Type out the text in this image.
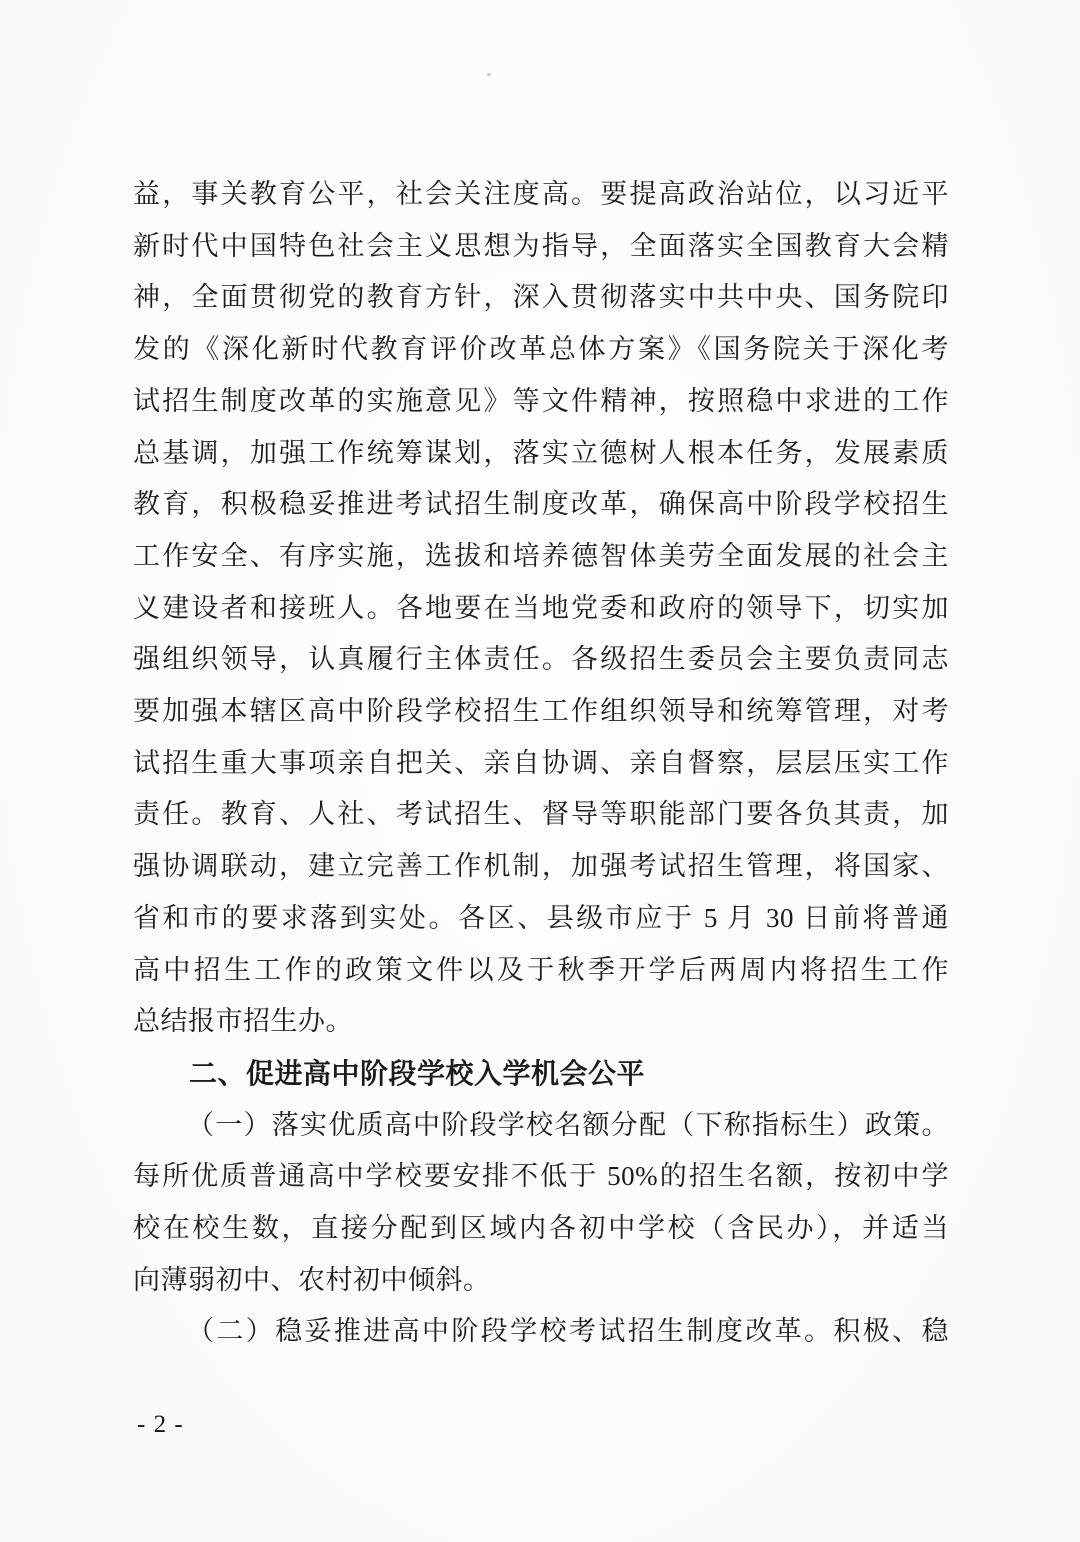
益，事关教育公平，社会关注度高。要提高政治站位，以习近平
新时代中国特色社会主义思想为指导，全面落实全国教育大会精
神，全面贯彻党的教育方针，深入贯彻落实中共中央、国务院印
发的《深化新时代教育评价改革总体方案》《国务院关于深化考
试招生制度改革的实施意见》等文件精神，按照稳中求进的工作
总基调，加强工作统筹谋划，落实立德树人根本任务，发展素质
教育，积极稳妥推进考试招生制度改革，确保高中阶段学校招生
工作安全、有序实施，选拔和培养德智体美劳全面发展的社会主
义建设者和接班人。各地要在当地党委和政府的领导下，切实加
强组织领导，认真履行主体责任。各级招生委员会主要负责同志
要加强本辖区高中阶段学校招生工作组织领导和统筹管理，对考
试招生重大事项亲自把关、亲自协调、亲自督察，层层压实工作
责任。教育、人社、考试招生、督导等职能部门要各负其责，加
强协调联动，建立完善工作机制，加强考试招生管理，将国家、
省和市的要求落到实处。各区、县级市应于 5 月 30 日前将普通
高中招生工作的政策文件以及于秋季开学后两周内将招生工作
总结报市招生办。
二、促进高中阶段学校入学机会公平
（一）落实优质高中阶段学校名额分配（下称指标生）政策。
每所优质普通高中学校要安排不低于 50%的招生名额，按初中学
校在校生数，直接分配到区域内各初中学校（含民办），并适当
向薄弱初中、农村初中倾斜。
（二）稳妥推进高中阶段学校考试招生制度改革。积极、稳
- 2 -
